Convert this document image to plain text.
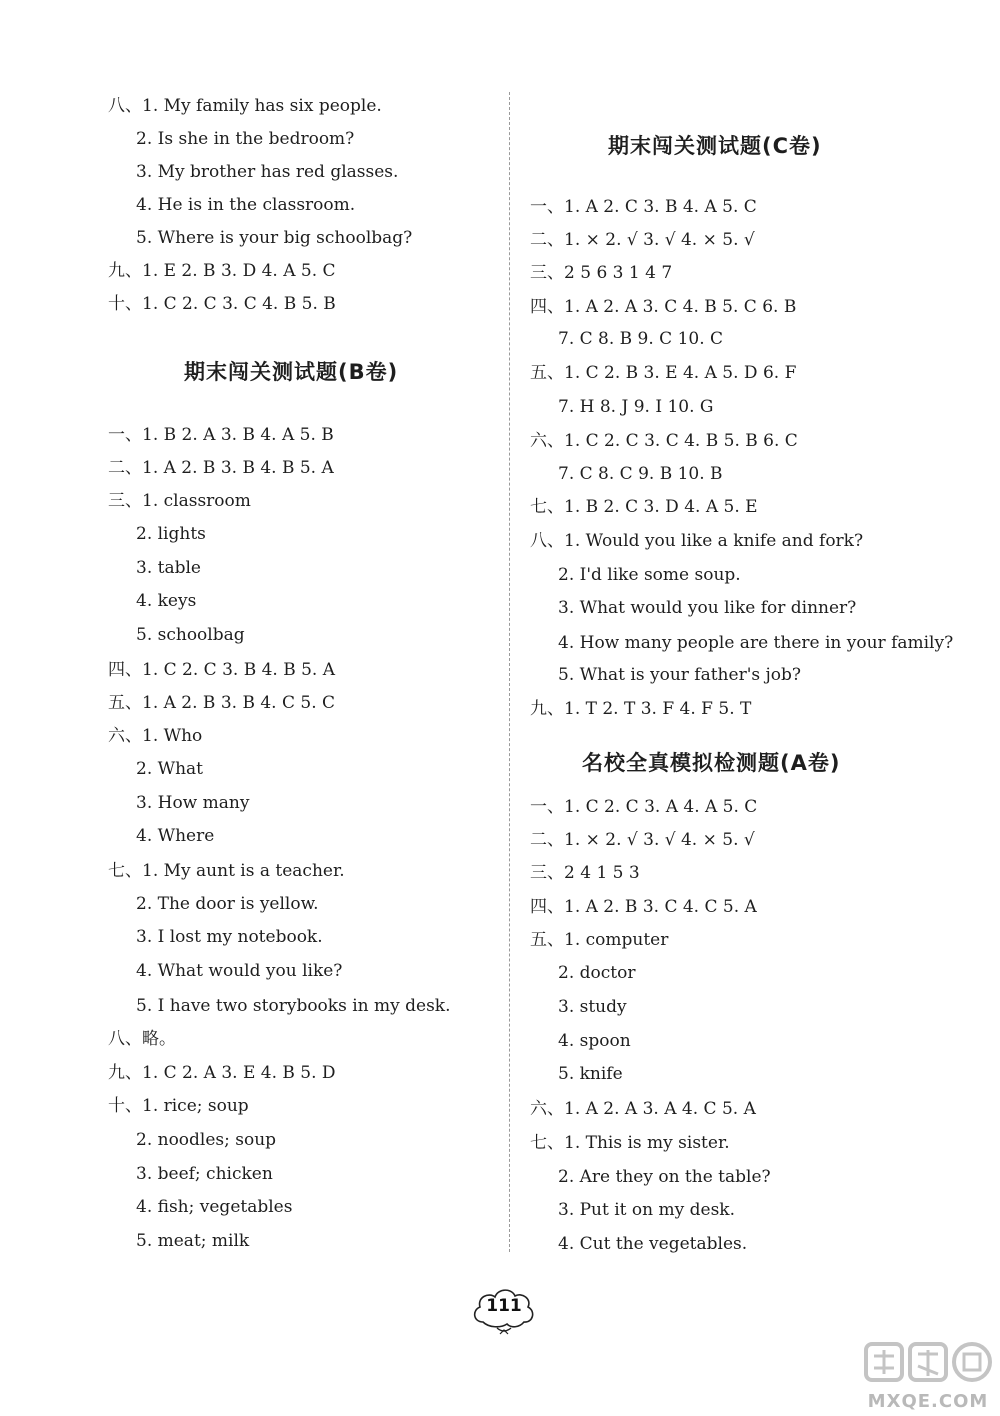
八、1. My family has six people.
2. Is she in the bedroom?
3. My brother has red glasses.
4. He is in the classroom.
5. Where is your big schoolbag?
九、1. E 2. B 3. D 4. A 5. C
十、1. C 2. C 3. C 4. B 5. B
期末闯关测试题(B卷)
一、1. B 2. A 3. B 4. A 5. B
二、1. A 2. B 3. B 4. B 5. A
三、1. classroom
2. lights
3. table
4. keys
5. schoolbag
四、1. C 2. C 3. B 4. B 5. A
五、1. A 2. B 3. B 4. C 5. C
六、1. Who
2. What
3. How many
4. Where
七、1. My aunt is a teacher.
2. The door is yellow.
3. I lost my notebook.
4. What would you like?
5. I have two storybooks in my desk.
八、略。
九、1. C 2. A 3. E 4. B 5. D
十、1. rice; soup
2. noodles; soup
3. beef; chicken
4. fish; vegetables
5. meat; milk
期末闯关测试题(C卷)
一、1. A 2. C 3. B 4. A 5. C
二、1. × 2. √ 3. √ 4. × 5. √
三、2 5 6 3 1 4 7
四、1. A 2. A 3. C 4. B 5. C 6. B
7. C 8. B 9. C 10. C
五、1. C 2. B 3. E 4. A 5. D 6. F
7. H 8. J 9. I 10. G
六、1. C 2. C 3. C 4. B 5. B 6. C
7. C 8. C 9. B 10. B
七、1. B 2. C 3. D 4. A 5. E
八、1. Would you like a knife and fork?
2. I'd like some soup.
3. What would you like for dinner?
4. How many people are there in your family?
5. What is your father's job?
九、1. T 2. T 3. F 4. F 5. T
名校全真模拟检测题(A卷)
一、1. C 2. C 3. A 4. A 5. C
二、1. × 2. √ 3. √ 4. × 5. √
三、2 4 1 5 3
四、1. A 2. B 3. C 4. C 5. A
五、1. computer
2. doctor
3. study
4. spoon
5. knife
六、1. A 2. A 3. A 4. C 5. A
七、1. This is my sister.
2. Are they on the table?
3. Put it on my desk.
4. Cut the vegetables.
111
MXQE.COM
